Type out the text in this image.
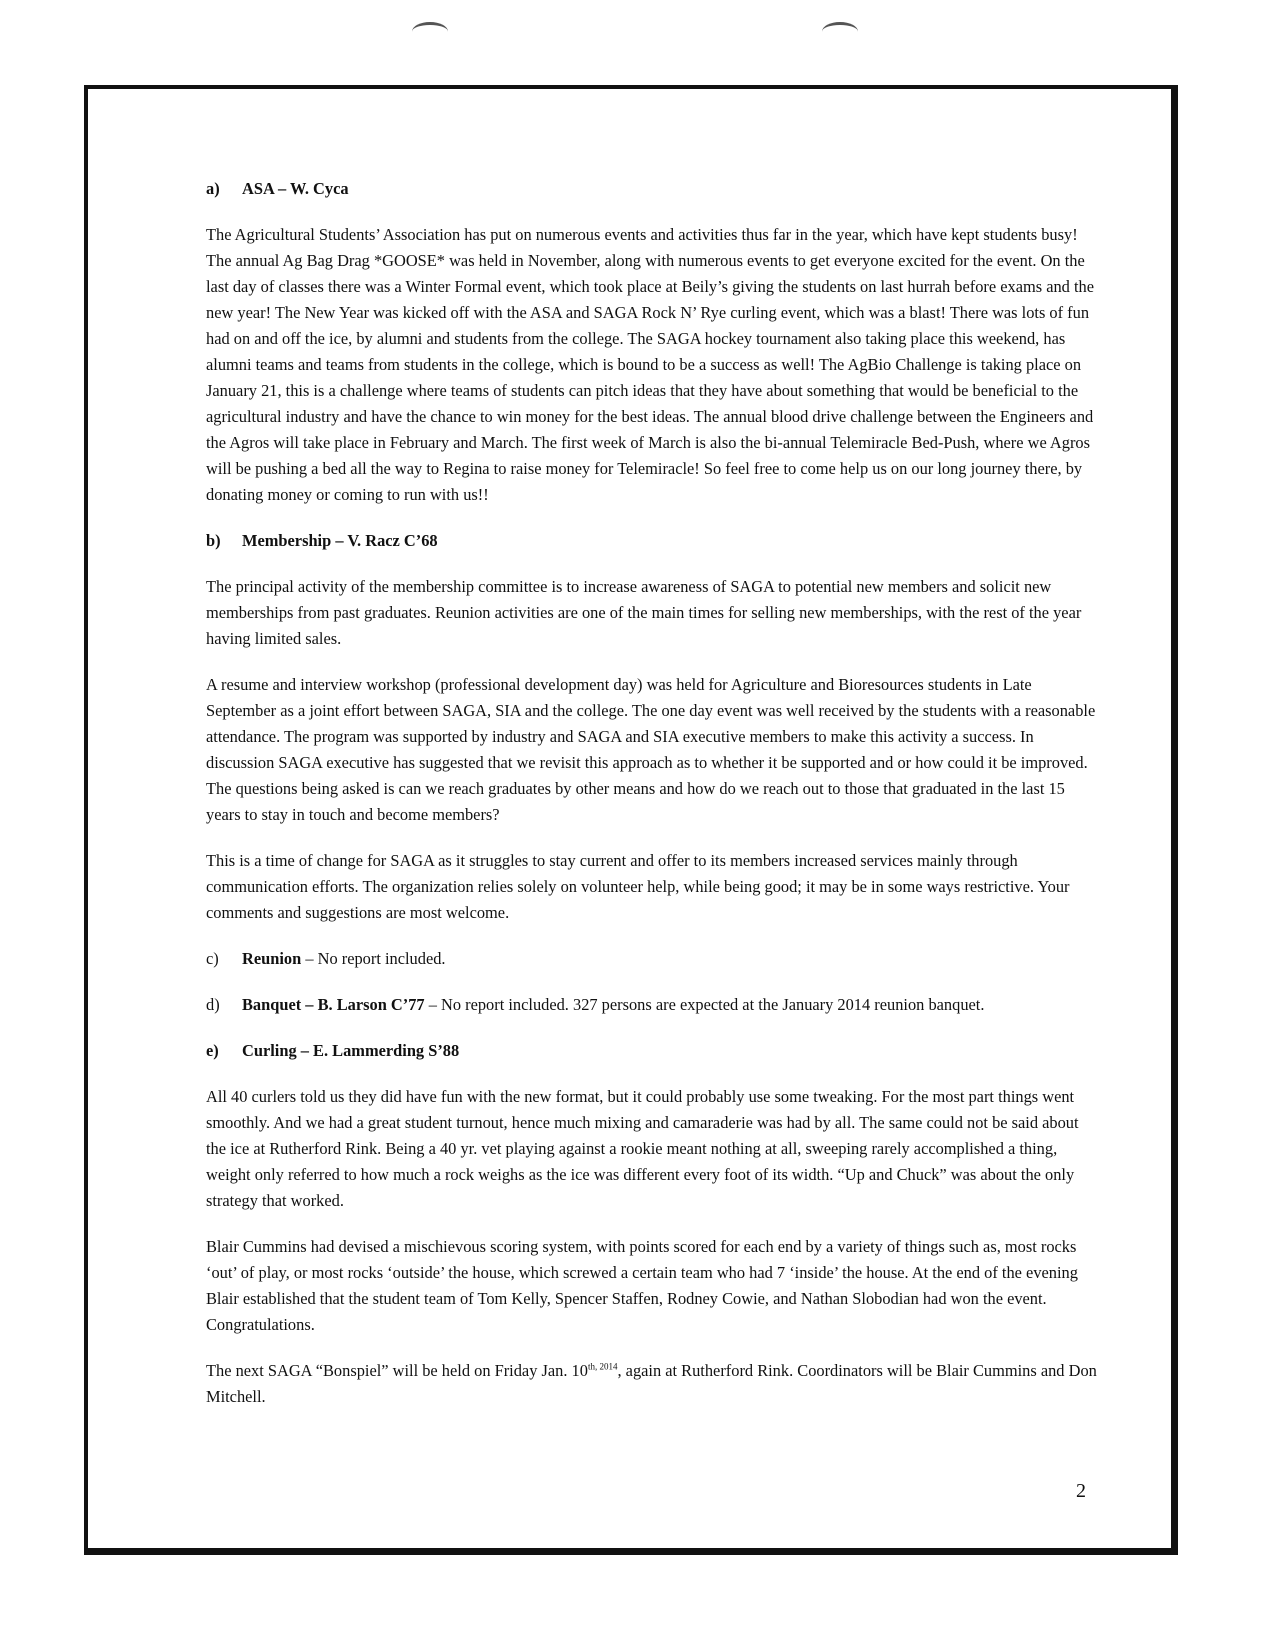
a) ASA – W. Cyca

The Agricultural Students’ Association has put on numerous events and activities thus far in the year, which have kept students busy! The annual Ag Bag Drag *GOOSE* was held in November, along with numerous events to get everyone excited for the event. On the last day of classes there was a Winter Formal event, which took place at Beily’s giving the students on last hurrah before exams and the new year! The New Year was kicked off with the ASA and SAGA Rock N’ Rye curling event, which was a blast! There was lots of fun had on and off the ice, by alumni and students from the college. The SAGA hockey tournament also taking place this weekend, has alumni teams and teams from students in the college, which is bound to be a success as well! The AgBio Challenge is taking place on January 21, this is a challenge where teams of students can pitch ideas that they have about something that would be beneficial to the agricultural industry and have the chance to win money for the best ideas. The annual blood drive challenge between the Engineers and the Agros will take place in February and March. The first week of March is also the bi-annual Telemiracle Bed-Push, where we Agros will be pushing a bed all the way to Regina to raise money for Telemiracle! So feel free to come help us on our long journey there, by donating money or coming to run with us!!

b) Membership – V. Racz C’68

The principal activity of the membership committee is to increase awareness of SAGA to potential new members and solicit new memberships from past graduates. Reunion activities are one of the main times for selling new memberships, with the rest of the year having limited sales.

A resume and interview workshop (professional development day) was held for Agriculture and Bioresources students in Late September as a joint effort between SAGA, SIA and the college. The one day event was well received by the students with a reasonable attendance. The program was supported by industry and SAGA and SIA executive members to make this activity a success. In discussion SAGA executive has suggested that we revisit this approach as to whether it be supported and or how could it be improved. The questions being asked is can we reach graduates by other means and how do we reach out to those that graduated in the last 15 years to stay in touch and become members?

This is a time of change for SAGA as it struggles to stay current and offer to its members increased services mainly through communication efforts. The organization relies solely on volunteer help, while being good; it may be in some ways restrictive. Your comments and suggestions are most welcome.

c)	Reunion – No report included.
d)	Banquet – B. Larson C’77 – No report included. 327 persons are expected at the January 2014 reunion banquet.

e) Curling – E. Lammerding S’88

All 40 curlers told us they did have fun with the new format, but it could probably use some tweaking. For the most part things went smoothly. And we had a great student turnout, hence much mixing and camaraderie was had by all. The same could not be said about the ice at Rutherford Rink. Being a 40 yr. vet playing against a rookie meant nothing at all, sweeping rarely accomplished a thing, weight only referred to how much a rock weighs as the ice was different every foot of its width. “Up and Chuck” was about the only strategy that worked.

Blair Cummins had devised a mischievous scoring system, with points scored for each end by a variety of things such as, most rocks ‘out’ of play, or most rocks ‘outside’ the house, which screwed a certain team who had 7 ‘inside’ the house. At the end of the evening Blair established that the student team of Tom Kelly, Spencer Staffen, Rodney Cowie, and Nathan Slobodian had won the event. Congratulations.

The next SAGA “Bonspiel” will be held on Friday Jan. $10^{th, 2014}$, again at Rutherford Rink. Coordinators will be Blair Cummins and Don Mitchell.

2
